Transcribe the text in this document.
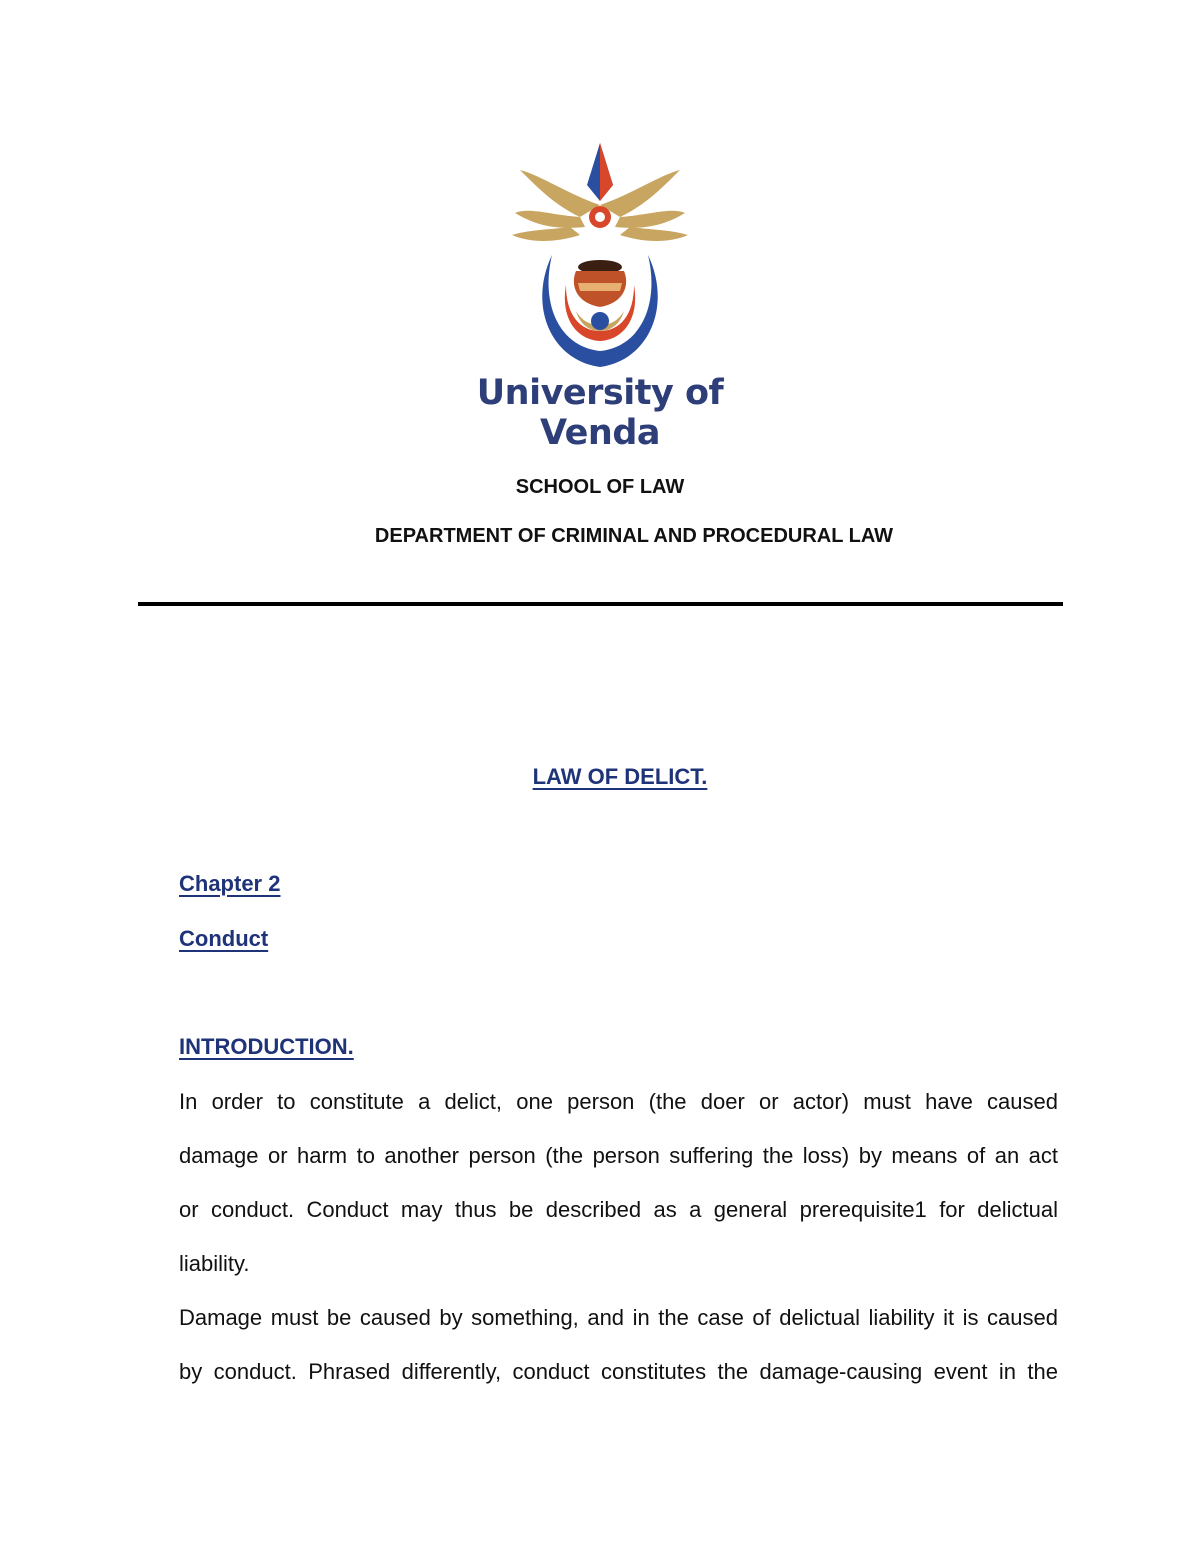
University of Venda
SCHOOL OF LAW
DEPARTMENT OF CRIMINAL AND PROCEDURAL LAW
LAW OF DELICT.
Chapter 2
Conduct
INTRODUCTION.
In order to constitute a delict, one person (the doer or actor) must have caused
damage or harm to another person (the person suffering the loss) by means of an act
or conduct. Conduct may thus be described as a general prerequisite1 for delictual
liability.
Damage must be caused by something, and in the case of delictual liability it is caused
by conduct. Phrased differently, conduct constitutes the damage-causing event in the
